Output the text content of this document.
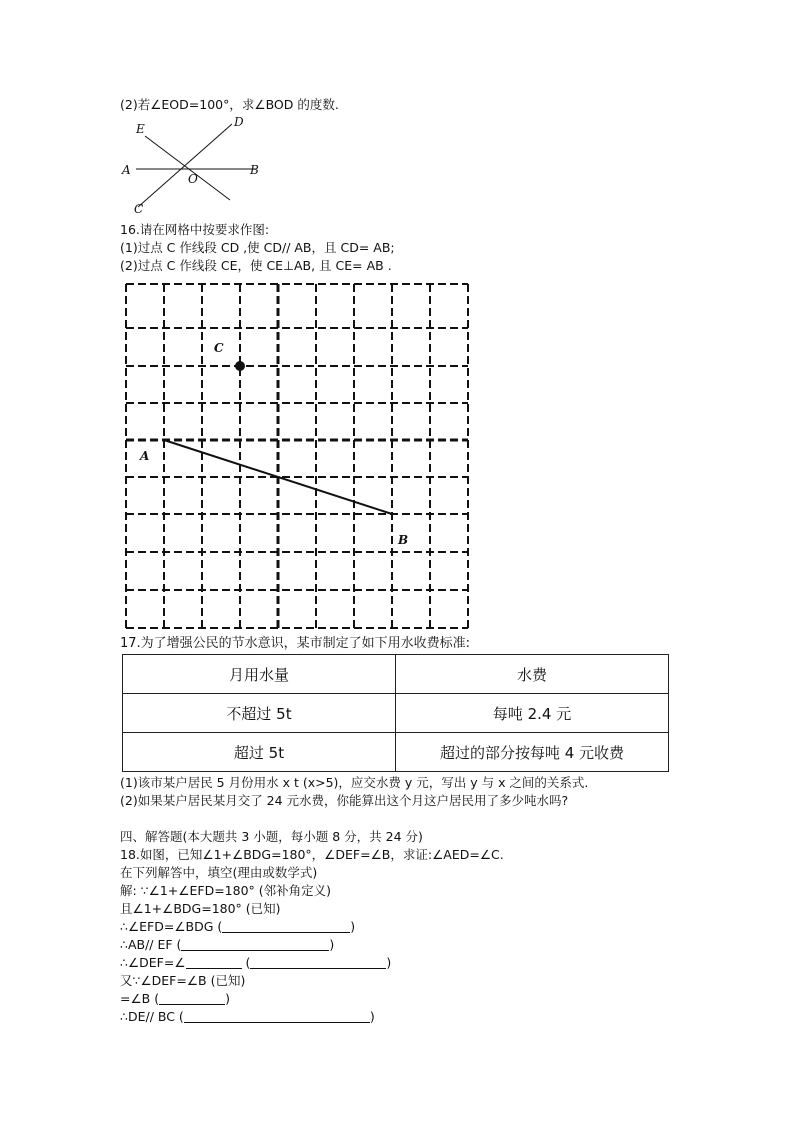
(2)若∠EOD=100°，求∠BOD 的度数.
E	D
A
O
B
C
16.请在网格中按要求作图:
(1)过点 C 作线段 CD ,使 CD// AB，且 CD= AB;
(2)过点 C 作线段 CE，使 CE⊥AB, 且 CE= AB .
C
A
B
17.为了增强公民的节水意识，某市制定了如下用水收费标准:
月用水量	水费
不超过 5t	每吨 2.4 元
超过 5t	超过的部分按每吨 4 元收费
(1)该市某户居民 5 月份用水 x t (x>5)，应交水费 y 元，写出 y 与 x 之间的关系式.
(2)如果某户居民某月交了 24 元水费，你能算出这个月这户居民用了多少吨水吗?
四、解答题(本大题共 3 小题，每小题 8 分，共 24 分)
18.如图，已知∠1+∠BDG=180°，∠DEF=∠B，求证:∠AED=∠C.
在下列解答中，填空(理由或数学式)
解: ∵∠1+∠EFD=180° (邻补角定义)
且∠1+∠BDG=180° (已知)
∴∠EFD=∠BDG (	)
∴AB// EF (	)
∴∠DEF=∠	(	)
又∵∠DEF=∠B (已知)
=∠B (	)
∴DE// BC (	)
